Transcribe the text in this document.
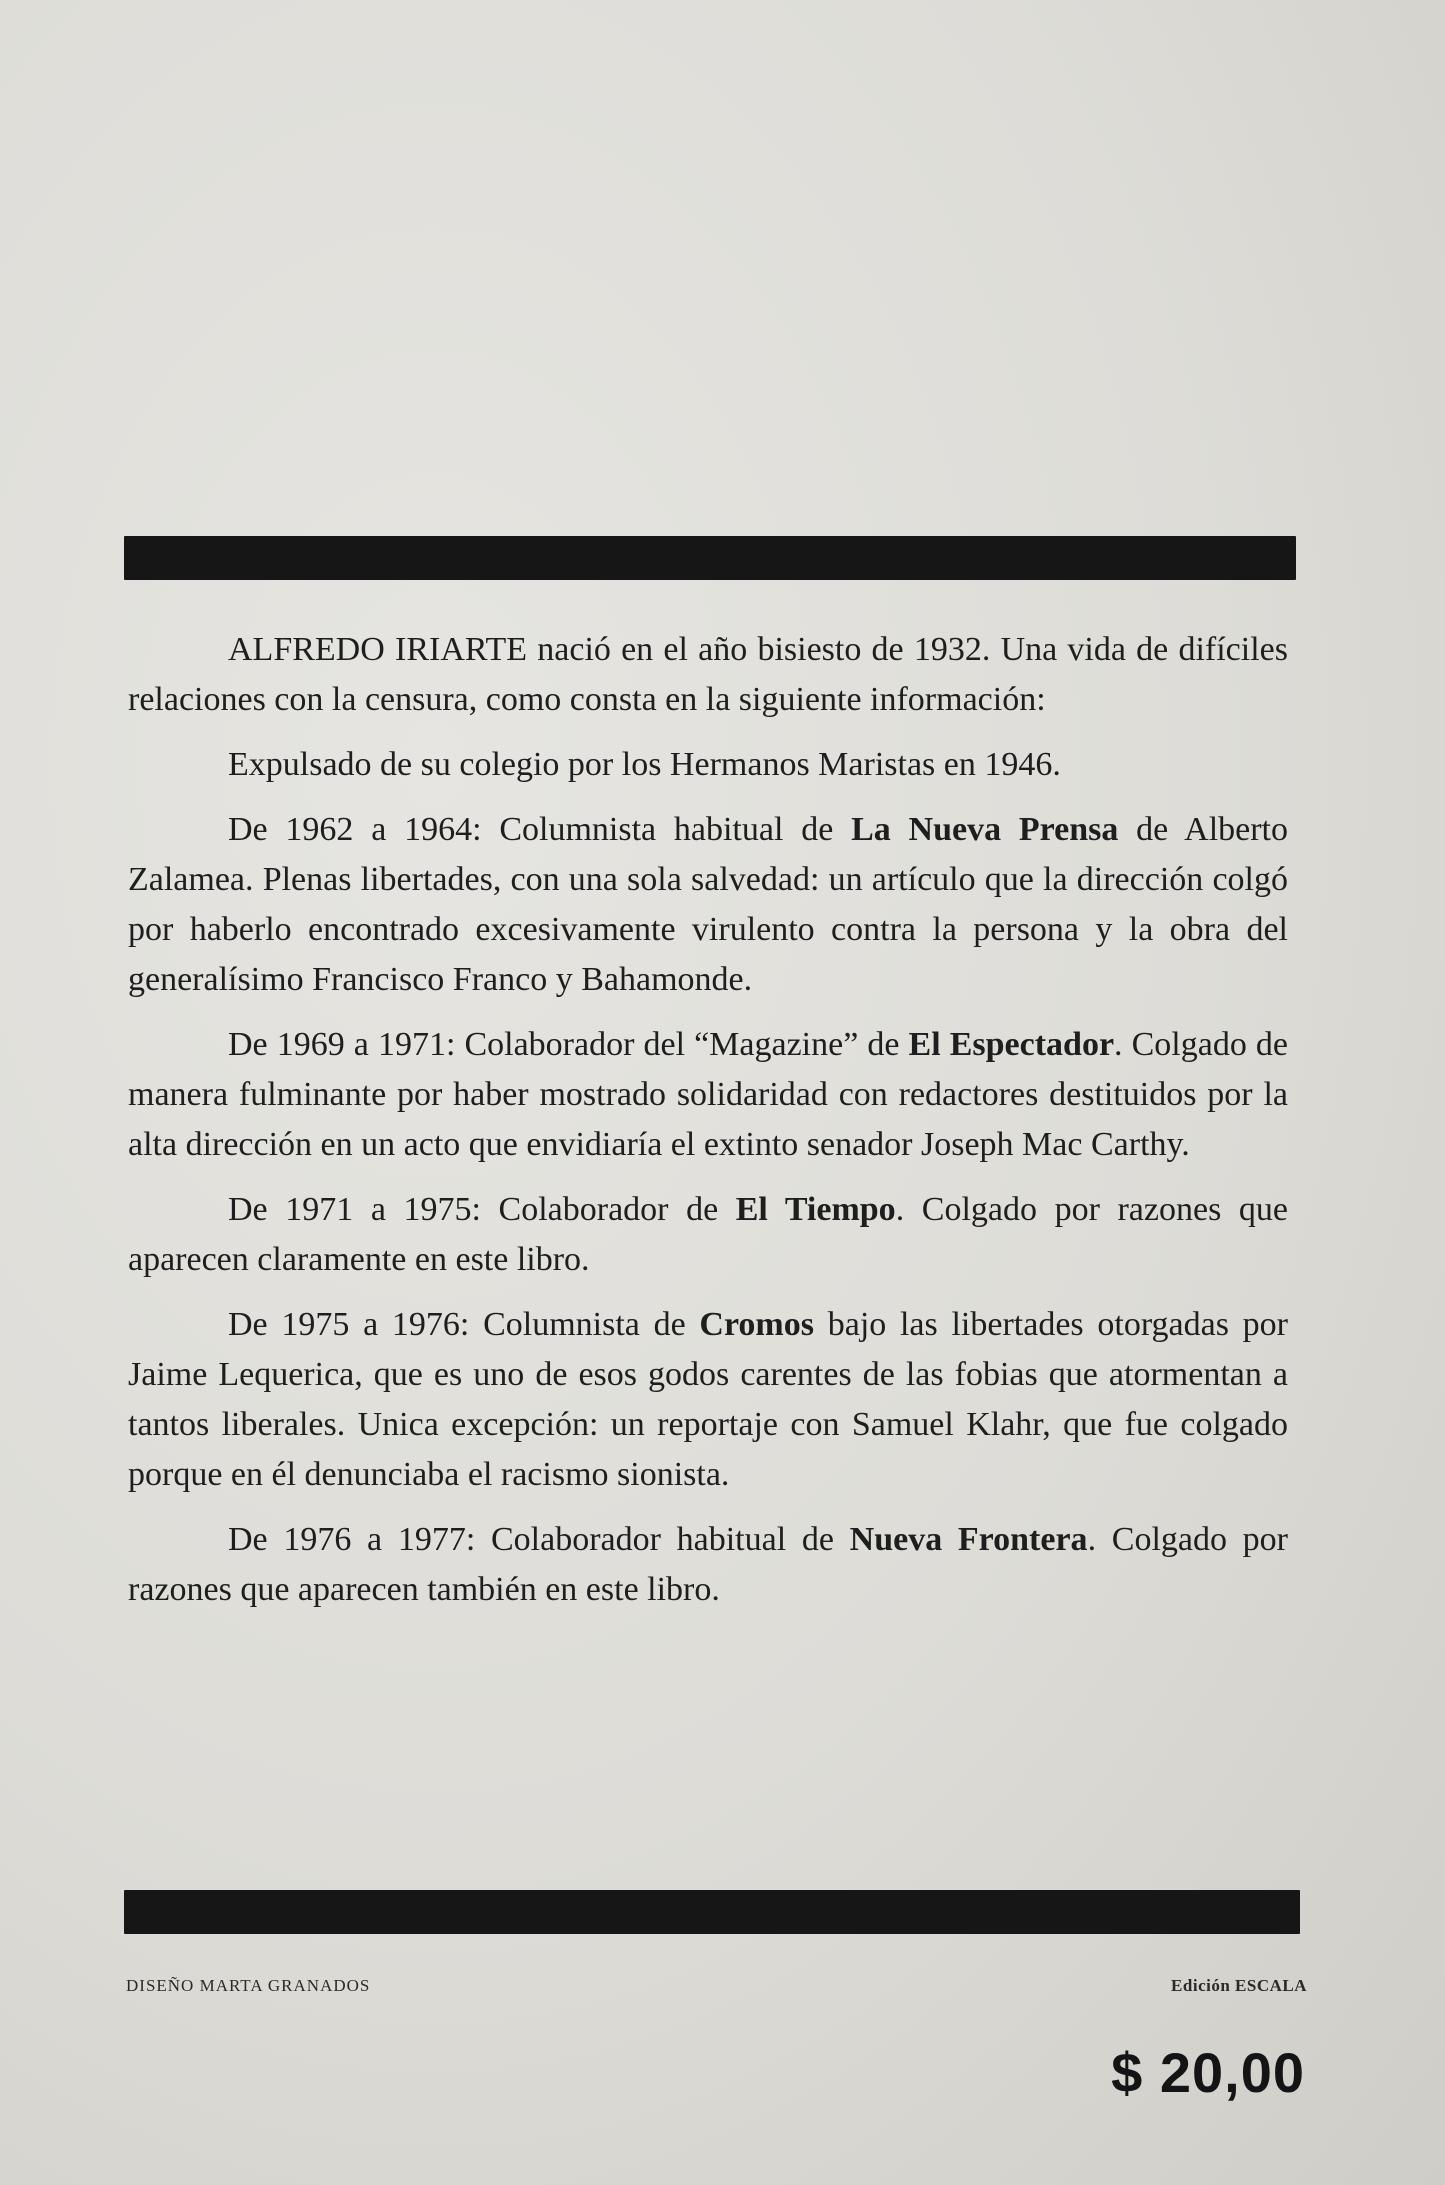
ALFREDO IRIARTE nació en el año bisiesto de 1932. Una vida de difíciles relaciones con la censura, como consta en la siguiente información:

Expulsado de su colegio por los Hermanos Maristas en 1946.

De 1962 a 1964: Columnista habitual de La Nueva Prensa de Alberto Zalamea. Plenas libertades, con una sola salvedad: un artículo que la dirección colgó por haberlo encontrado excesivamente virulento contra la persona y la obra del generalísimo Francisco Franco y Bahamonde.

De 1969 a 1971: Colaborador del “Magazine” de El Espectador. Colgado de manera fulminante por haber mostrado solidaridad con redactores destituidos por la alta dirección en un acto que envidiaría el extinto senador Joseph Mac Carthy.

De 1971 a 1975: Colaborador de El Tiempo. Colgado por razones que aparecen claramente en este libro.

De 1975 a 1976: Columnista de Cromos bajo las libertades otorgadas por Jaime Lequerica, que es uno de esos godos carentes de las fobias que atormentan a tantos liberales. Unica excepción: un reportaje con Samuel Klahr, que fue colgado porque en él denunciaba el racismo sionista.

De 1976 a 1977: Colaborador habitual de Nueva Frontera. Colgado por razones que aparecen también en este libro.

DISEÑO MARTA GRANADOS	Edición ESCALA
$ 20,00
